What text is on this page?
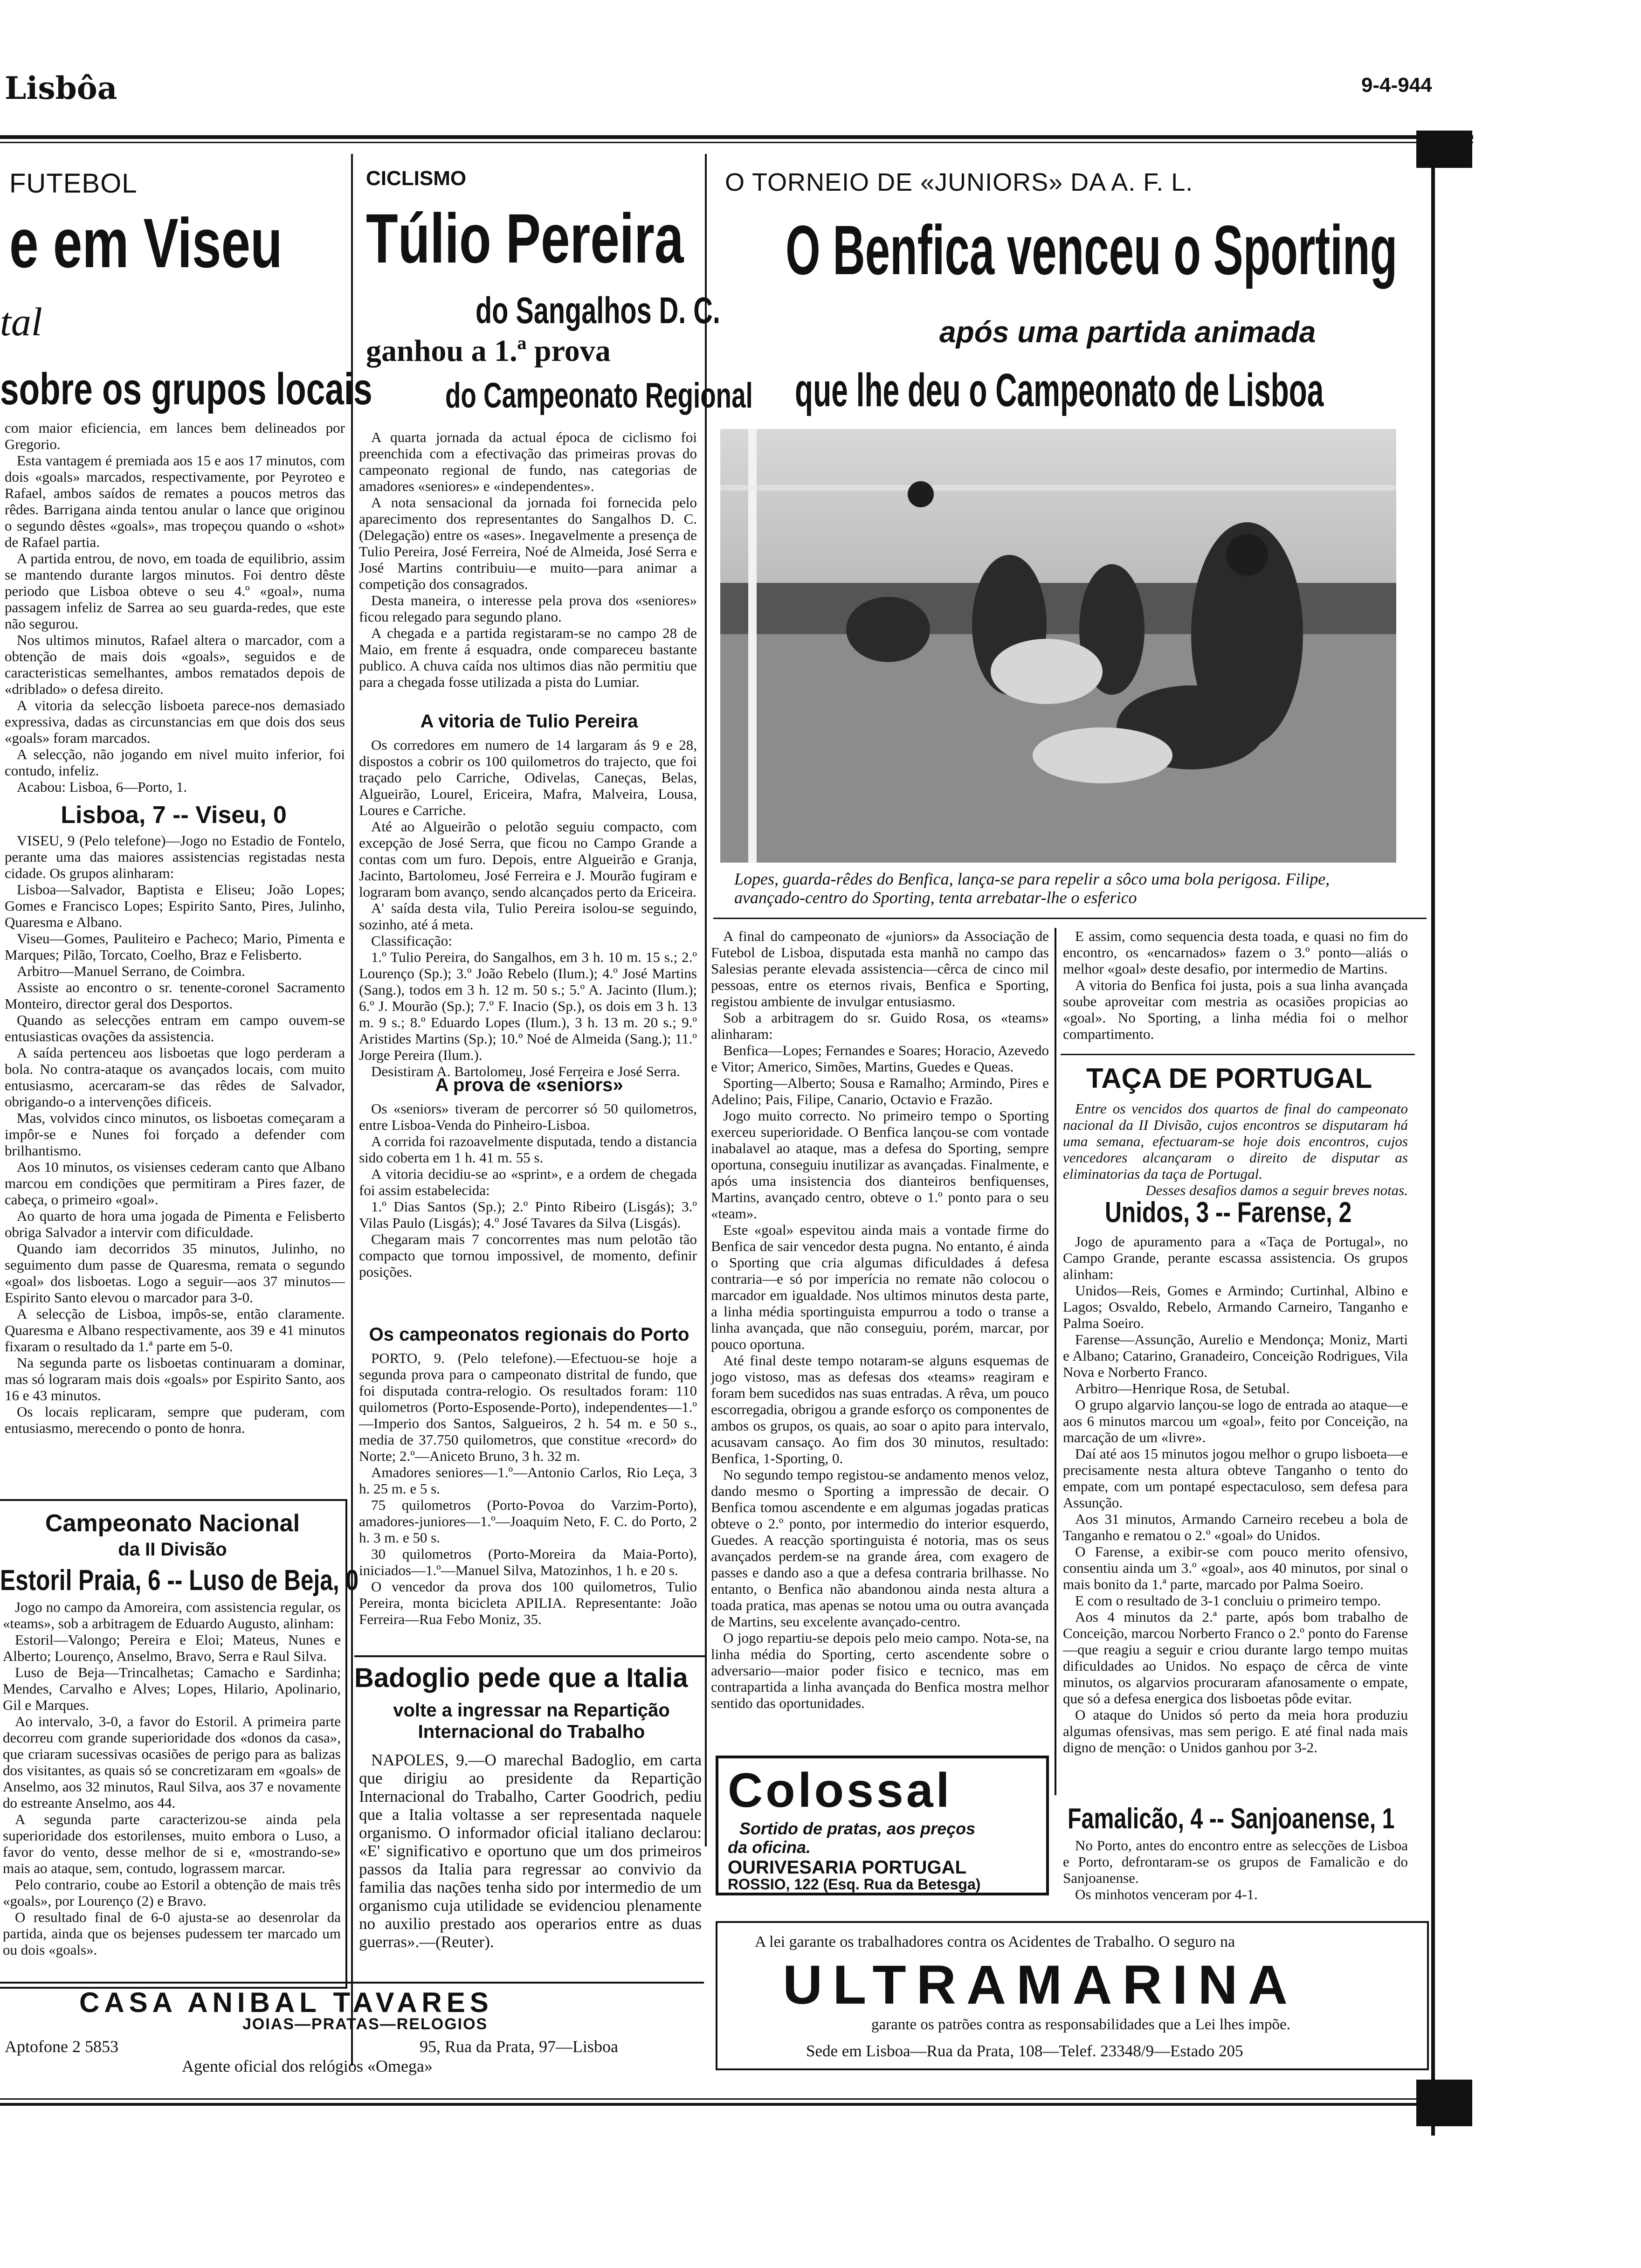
Lisbôa	9-4-944
FUTEBOL
e em Viseu
tal
sobre os grupos locais

com maior eficiencia, em lances bem delineados por Gregorio.

Esta vantagem é premiada aos 15 e aos 17 minutos, com dois «goals» marcados, respectivamente, por Peyroteo e Rafael, ambos saídos de remates a poucos metros das rêdes. Barrigana ainda tentou anular o lance que originou o segundo dêstes «goals», mas tropeçou quando o «shot» de Rafael partia.

A partida entrou, de novo, em toada de equilibrio, assim se mantendo durante largos minutos. Foi dentro dêste periodo que Lisboa obteve o seu 4.º «goal», numa passagem infeliz de Sarrea ao seu guarda-redes, que este não segurou.

Nos ultimos minutos, Rafael altera o marcador, com a obtenção de mais dois «goals», seguidos e de caracteristicas semelhantes, ambos rematados depois de «driblado» o defesa direito.

A vitoria da selecção lisboeta parece-nos demasiado expressiva, dadas as circunstancias em que dois dos seus «goals» foram marcados.

A selecção, não jogando em nivel muito inferior, foi contudo, infeliz.

Acabou: Lisboa, 6—Porto, 1.

Lisboa, 7 -- Viseu, 0

VISEU, 9 (Pelo telefone)—Jogo no Estadio de Fontelo, perante uma das maiores assistencias registadas nesta cidade. Os grupos alinharam:

Lisboa—Salvador, Baptista e Eliseu; João Lopes; Gomes e Francisco Lopes; Espirito Santo, Pires, Julinho, Quaresma e Albano.

Viseu—Gomes, Pauliteiro e Pacheco; Mario, Pimenta e Marques; Pilão, Torcato, Coelho, Braz e Felisberto.

Arbitro—Manuel Serrano, de Coimbra.

Assiste ao encontro o sr. tenente-coronel Sacramento Monteiro, director geral dos Desportos.

Quando as selecções entram em campo ouvem-se entusiasticas ovações da assistencia.

A saída pertenceu aos lisboetas que logo perderam a bola. No contra-ataque os avançados locais, com muito entusiasmo, acercaram-se das rêdes de Salvador, obrigando-o a intervenções dificeis.

Mas, volvidos cinco minutos, os lisboetas começaram a impôr-se e Nunes foi forçado a defender com brilhantismo.

Aos 10 minutos, os visienses cederam canto que Albano marcou em condições que permitiram a Pires fazer, de cabeça, o primeiro «goal».

Ao quarto de hora uma jogada de Pimenta e Felisberto obriga Salvador a intervir com dificuldade.

Quando iam decorridos 35 minutos, Julinho, no seguimento dum passe de Quaresma, remata o segundo «goal» dos lisboetas. Logo a seguir—aos 37 minutos—Espirito Santo elevou o marcador para 3-0.

A selecção de Lisboa, impôs-se, então claramente. Quaresma e Albano respectivamente, aos 39 e 41 minutos fixaram o resultado da 1.ª parte em 5-0.

Na segunda parte os lisboetas continuaram a dominar, mas só lograram mais dois «goals» por Espirito Santo, aos 16 e 43 minutos.

Os locais replicaram, sempre que puderam, com entusiasmo, merecendo o ponto de honra.

Campeonato Nacional
da II Divisão
Estoril Praia, 6 -- Luso de Beja, 0

Jogo no campo da Amoreira, com assistencia regular, os «teams», sob a arbitragem de Eduardo Augusto, alinham:

Estoril—Valongo; Pereira e Eloi; Mateus, Nunes e Alberto; Lourenço, Anselmo, Bravo, Serra e Raul Silva.

Luso de Beja—Trincalhetas; Camacho e Sardinha; Mendes, Carvalho e Alves; Lopes, Hilario, Apolinario, Gil e Marques.

Ao intervalo, 3-0, a favor do Estoril. A primeira parte decorreu com grande superioridade dos «donos da casa», que criaram sucessivas ocasiões de perigo para as balizas dos visitantes, as quais só se concretizaram em «goals» de Anselmo, aos 32 minutos, Raul Silva, aos 37 e novamente do estreante Anselmo, aos 44.

A segunda parte caracterizou-se ainda pela superioridade dos estorilenses, muito embora o Luso, a favor do vento, desse melhor de si e, «mostrando-se» mais ao ataque, sem, contudo, lograssem marcar.

Pelo contrario, coube ao Estoril a obtenção de mais três «goals», por Lourenço (2) e Bravo.

O resultado final de 6-0 ajusta-se ao desenrolar da partida, ainda que os bejenses pudessem ter marcado um ou dois «goals».

CICLISMO
Túlio Pereira
do Sangalhos D. C.
ganhou a 1.ª prova
do Campeonato Regional

A quarta jornada da actual época de ciclismo foi preenchida com a efectivação das primeiras provas do campeonato regional de fundo, nas categorias de amadores «seniores» e «independentes».

A nota sensacional da jornada foi fornecida pelo aparecimento dos representantes do Sangalhos D. C. (Delegação) entre os «ases». Inegavelmente a presença de Tulio Pereira, José Ferreira, Noé de Almeida, José Serra e José Martins contribuiu—e muito—para animar a competição dos consagrados.

Desta maneira, o interesse pela prova dos «seniores» ficou relegado para segundo plano.

A chegada e a partida registaram-se no campo 28 de Maio, em frente á esquadra, onde compareceu bastante publico. A chuva caída nos ultimos dias não permitiu que para a chegada fosse utilizada a pista do Lumiar.

A vitoria de Tulio Pereira

Os corredores em numero de 14 largaram ás 9 e 28, dispostos a cobrir os 100 quilometros do trajecto, que foi traçado pelo Carriche, Odivelas, Caneças, Belas, Algueirão, Lourel, Ericeira, Mafra, Malveira, Lousa, Loures e Carriche.

Até ao Algueirão o pelotão seguiu compacto, com excepção de José Serra, que ficou no Campo Grande a contas com um furo. Depois, entre Algueirão e Granja, Jacinto, Bartolomeu, José Ferreira e J. Mourão fugiram e lograram bom avanço, sendo alcançados perto da Ericeira.

A' saída desta vila, Tulio Pereira isolou-se seguindo, sozinho, até á meta.

Classificação:

1.º Tulio Pereira, do Sangalhos, em 3 h. 10 m. 15 s.; 2.º Lourenço (Sp.); 3.º João Rebelo (Ilum.); 4.º José Martins (Sang.), todos em 3 h. 12 m. 50 s.; 5.º A. Jacinto (Ilum.); 6.º J. Mourão (Sp.); 7.º F. Inacio (Sp.), os dois em 3 h. 13 m. 9 s.; 8.º Eduardo Lopes (Ilum.), 3 h. 13 m. 20 s.; 9.º Aristides Martins (Sp.); 10.º Noé de Almeida (Sang.); 11.º Jorge Pereira (Ilum.).

Desistiram A. Bartolomeu, José Ferreira e José Serra.

A prova de «seniors»

Os «seniors» tiveram de percorrer só 50 quilometros, entre Lisboa-Venda do Pinheiro-Lisboa.

A corrida foi razoavelmente disputada, tendo a distancia sido coberta em 1 h. 41 m. 55 s.

A vitoria decidiu-se ao «sprint», e a ordem de chegada foi assim estabelecida:

1.º Dias Santos (Sp.); 2.º Pinto Ribeiro (Lisgás); 3.º Vilas Paulo (Lisgás); 4.º José Tavares da Silva (Lisgás).

Chegaram mais 7 concorrentes mas num pelotão tão compacto que tornou impossivel, de momento, definir posições.

Os campeonatos regionais do Porto

PORTO, 9. (Pelo telefone).—Efectuou-se hoje a segunda prova para o campeonato distrital de fundo, que foi disputada contra-relogio. Os resultados foram: 110 quilometros (Porto-Esposende-Porto), independentes—1.º—Imperio dos Santos, Salgueiros, 2 h. 54 m. e 50 s., media de 37.750 quilometros, que constitue «record» do Norte; 2.º—Aniceto Bruno, 3 h. 32 m.

Amadores seniores—1.º—Antonio Carlos, Rio Leça, 3 h. 25 m. e 5 s.

75 quilometros (Porto-Povoa do Varzim-Porto), amadores-juniores—1.º—Joaquim Neto, F. C. do Porto, 2 h. 3 m. e 50 s.

30 quilometros (Porto-Moreira da Maia-Porto), iniciados—1.º—Manuel Silva, Matozinhos, 1 h. e 20 s.

O vencedor da prova dos 100 quilometros, Tulio Pereira, monta bicicleta APILIA. Representante: João Ferreira—Rua Febo Moniz, 35.

Badoglio pede que a Italia
volte a ingressar na Repartição Internacional do Trabalho
NAPOLES, 9.—O marechal Badoglio, em carta que dirigiu ao presidente da Repartição Internacional do Trabalho, Carter Goodrich, pediu que a Italia voltasse a ser representada naquele organismo. O informador oficial italiano declarou: «E' significativo e oportuno que um dos primeiros passos da Italia para regressar ao convivio da familia das nações tenha sido por intermedio de um organismo cuja utilidade se evidenciou plenamente no auxilio prestado aos operarios entre as duas guerras».—(Reuter).
O TORNEIO DE «JUNIORS» DA A. F. L.
O Benfica venceu o Sporting
após uma partida animada
que lhe deu o Campeonato de Lisboa
Lopes, guarda-rêdes do Benfica, lança-se para repelir a sôco uma bola perigosa. Filipe, avançado-centro do Sporting, tenta arrebatar-lhe o esferico

A final do campeonato de «juniors» da Associação de Futebol de Lisboa, disputada esta manhã no campo das Salesias perante elevada assistencia—cêrca de cinco mil pessoas, entre os eternos rivais, Benfica e Sporting, registou ambiente de invulgar entusiasmo.

Sob a arbitragem do sr. Guido Rosa, os «teams» alinharam:

Benfica—Lopes; Fernandes e Soares; Horacio, Azevedo e Vitor; Americo, Simões, Martins, Guedes e Queas.

Sporting—Alberto; Sousa e Ramalho; Armindo, Pires e Adelino; Pais, Filipe, Canario, Octavio e Frazão.

Jogo muito correcto. No primeiro tempo o Sporting exerceu superioridade. O Benfica lançou-se com vontade inabalavel ao ataque, mas a defesa do Sporting, sempre oportuna, conseguiu inutilizar as avançadas. Finalmente, e após uma insistencia dos dianteiros benfiquenses, Martins, avançado centro, obteve o 1.º ponto para o seu «team».

Este «goal» espevitou ainda mais a vontade firme do Benfica de sair vencedor desta pugna. No entanto, é ainda o Sporting que cria algumas dificuldades á defesa contraria—e só por imperícia no remate não colocou o marcador em igualdade. Nos ultimos minutos desta parte, a linha média sportinguista empurrou a todo o transe a linha avançada, que não conseguiu, porém, marcar, por pouco oportuna.

Até final deste tempo notaram-se alguns esquemas de jogo vistoso, mas as defesas dos «teams» reagiram e foram bem sucedidos nas suas entradas. A rêva, um pouco escorregadia, obrigou a grande esforço os componentes de ambos os grupos, os quais, ao soar o apito para intervalo, acusavam cansaço. Ao fim dos 30 minutos, resultado: Benfica, 1-Sporting, 0.

No segundo tempo registou-se andamento menos veloz, dando mesmo o Sporting a impressão de decair. O Benfica tomou ascendente e em algumas jogadas praticas obteve o 2.º ponto, por intermedio do interior esquerdo, Guedes. A reacção sportinguista é notoria, mas os seus avançados perdem-se na grande área, com exagero de passes e dando aso a que a defesa contraria brilhasse. No entanto, o Benfica não abandonou ainda nesta altura a toada pratica, mas apenas se notou uma ou outra avançada de Martins, seu excelente avançado-centro.

O jogo repartiu-se depois pelo meio campo. Nota-se, na linha média do Sporting, certo ascendente sobre o adversario—maior poder fisico e tecnico, mas em contrapartida a linha avançada do Benfica mostra melhor sentido das oportunidades.

E assim, como sequencia desta toada, e quasi no fim do encontro, os «encarnados» fazem o 3.º ponto—aliás o melhor «goal» deste desafio, por intermedio de Martins.

A vitoria do Benfica foi justa, pois a sua linha avançada soube aproveitar com mestria as ocasiões propicias ao «goal». No Sporting, a linha média foi o melhor compartimento.

TAÇA DE PORTUGAL

Entre os vencidos dos quartos de final do campeonato nacional da II Divisão, cujos encontros se disputaram há uma semana, efectuaram-se hoje dois encontros, cujos vencedores alcançaram o direito de disputar as eliminatorias da taça de Portugal.

Desses desafios damos a seguir breves notas.

Unidos, 3 -- Farense, 2

Jogo de apuramento para a «Taça de Portugal», no Campo Grande, perante escassa assistencia. Os grupos alinham:

Unidos—Reis, Gomes e Armindo; Curtinhal, Albino e Lagos; Osvaldo, Rebelo, Armando Carneiro, Tanganho e Palma Soeiro.

Farense—Assunção, Aurelio e Mendonça; Moniz, Marti e Albano; Catarino, Granadeiro, Conceição Rodrigues, Vila Nova e Norberto Franco.

Arbitro—Henrique Rosa, de Setubal.

O grupo algarvio lançou-se logo de entrada ao ataque—e aos 6 minutos marcou um «goal», feito por Conceição, na marcação de um «livre».

Daí até aos 15 minutos jogou melhor o grupo lisboeta—e precisamente nesta altura obteve Tanganho o tento do empate, com um pontapé espectaculoso, sem defesa para Assunção.

Aos 31 minutos, Armando Carneiro recebeu a bola de Tanganho e rematou o 2.º «goal» do Unidos.

O Farense, a exibir-se com pouco merito ofensivo, consentiu ainda um 3.º «goal», aos 40 minutos, por sinal o mais bonito da 1.ª parte, marcado por Palma Soeiro.

E com o resultado de 3-1 concluiu o primeiro tempo.

Aos 4 minutos da 2.ª parte, após bom trabalho de Conceição, marcou Norberto Franco o 2.º ponto do Farense—que reagiu a seguir e criou durante largo tempo muitas dificuldades ao Unidos. No espaço de cêrca de vinte minutos, os algarvios procuraram afanosamente o empate, que só a defesa energica dos lisboetas pôde evitar.

O ataque do Unidos só perto da meia hora produziu algumas ofensivas, mas sem perigo. E até final nada mais digno de menção: o Unidos ganhou por 3-2.

Famalicão, 4 -- Sanjoanense, 1

No Porto, antes do encontro entre as selecções de Lisboa e Porto, defrontaram-se os grupos de Famalicão e do Sanjoanense.

Os minhotos venceram por 4-1.

Colossal
Sortido de pratas, aos preços
da oficina.
OURIVESARIA PORTUGAL
ROSSIO, 122 (Esq. Rua da Betesga)
A lei garante os trabalhadores contra os Acidentes de Trabalho. O seguro na
ULTRAMARINA
garante os patrões contra as responsabilidades que a Lei lhes impõe.
Sede em Lisboa—Rua da Prata, 108—Telef. 23348/9—Estado 205
CASA ANIBAL TAVARES
JOIAS—PRATAS—RELOGIOS
Aptofone 2 5853	95, Rua da Prata, 97—Lisboa
Agente oficial dos relógios «Omega»
